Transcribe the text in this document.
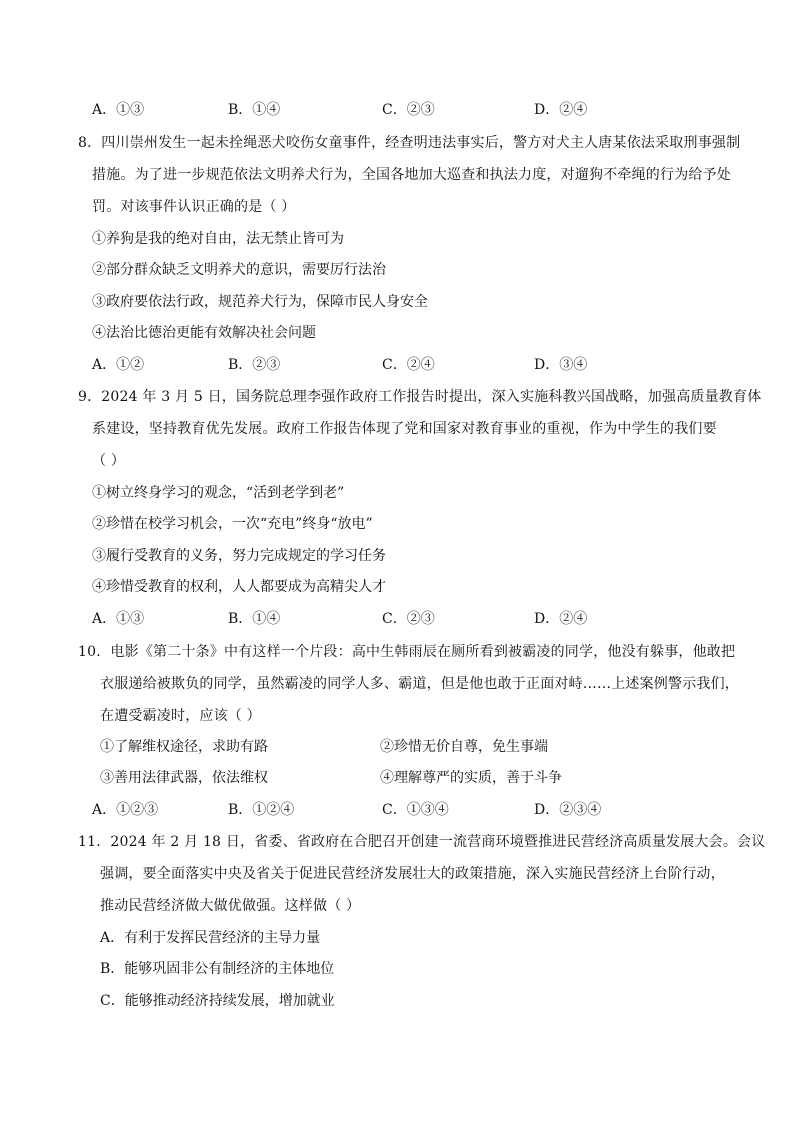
A．①③	B．①④	C．②③	D．②④
8．四川崇州发生一起未拴绳恶犬咬伤女童事件，经查明违法事实后，警方对犬主人唐某依法采取刑事强制
措施。为了进一步规范依法文明养犬行为，全国各地加大巡查和执法力度，对遛狗不牵绳的行为给予处
罚。对该事件认识正确的是（ ）
①养狗是我的绝对自由，法无禁止皆可为
②部分群众缺乏文明养犬的意识，需要厉行法治
③政府要依法行政，规范养犬行为，保障市民人身安全
④法治比德治更能有效解决社会问题
A．①②	B．②③	C．②④	D．③④
9．2024 年 3 月 5 日，国务院总理李强作政府工作报告时提出，深入实施科教兴国战略，加强高质量教育体
系建设，坚持教育优先发展。政府工作报告体现了党和国家对教育事业的重视，作为中学生的我们要
（ ）
①树立终身学习的观念，“活到老学到老”
②珍惜在校学习机会，一次“充电”终身“放电”
③履行受教育的义务，努力完成规定的学习任务
④珍惜受教育的权利，人人都要成为高精尖人才
A．①③	B．①④	C．②③	D．②④
10．电影《第二十条》中有这样一个片段：高中生韩雨辰在厕所看到被霸凌的同学，他没有躲事，他敢把
衣服递给被欺负的同学，虽然霸凌的同学人多、霸道，但是他也敢于正面对峙……上述案例警示我们，
在遭受霸凌时，应该（ ）
①了解维权途径，求助有路	②珍惜无价自尊，免生事端
③善用法律武器，依法维权	④理解尊严的实质，善于斗争
A．①②③	B．①②④	C．①③④	D．②③④
11．2024 年 2 月 18 日，省委、省政府在合肥召开创建一流营商环境暨推进民营经济高质量发展大会。会议
强调，要全面落实中央及省关于促进民营经济发展壮大的政策措施，深入实施民营经济上台阶行动，
推动民营经济做大做优做强。这样做（ ）
A．有利于发挥民营经济的主导力量
B．能够巩固非公有制经济的主体地位
C．能够推动经济持续发展，增加就业
